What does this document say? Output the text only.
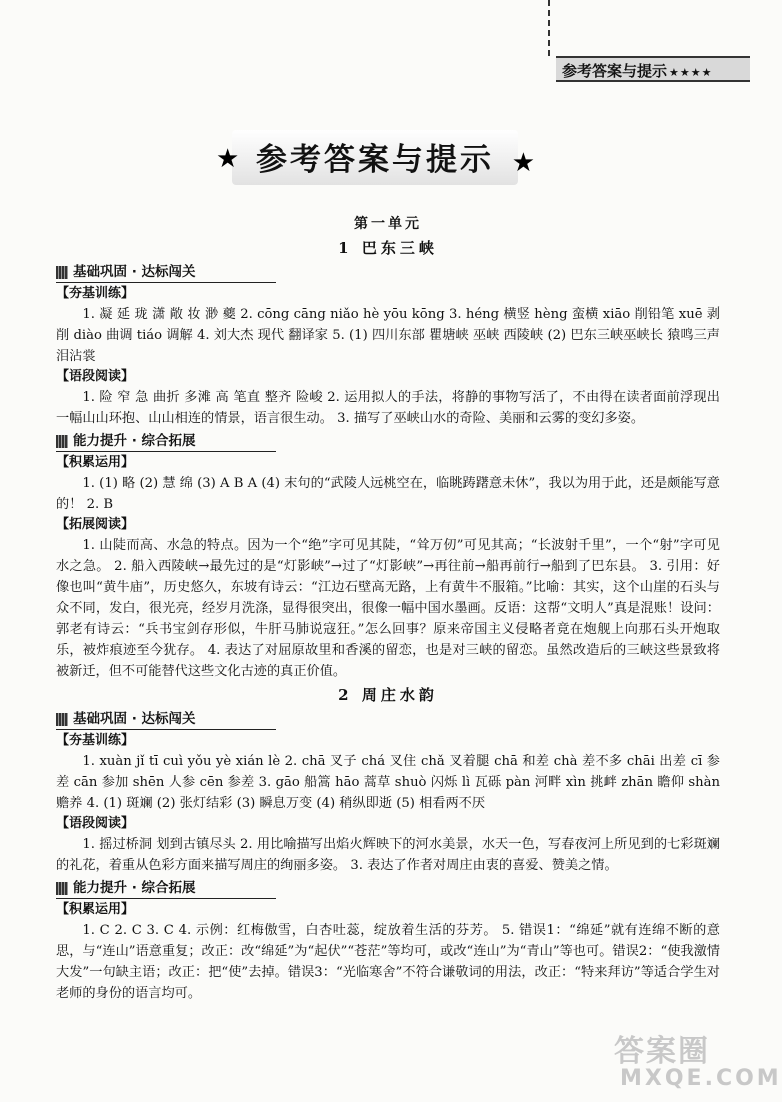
参考答案与提示 ★★★★
★ 参考答案与提示 ★
第一单元
1 巴东三峡
基础巩固 · 达标闯关
【夯基训练】
1. 凝 延 珑 潇 敞 妆 渺 夔 2. cōng cāng niǎo hè yōu kōng 3. héng 横竖 hèng 蛮横 xiāo 削铅笔 xuē 剥削 diào 曲调 tiáo 调解 4. 刘大杰 现代 翻译家 5. (1) 四川东部 瞿塘峡 巫峡 西陵峡 (2) 巴东三峡巫峡长 猿鸣三声泪沾裳
【语段阅读】
1. 险 窄 急 曲折 多滩 高 笔直 整齐 险峻 2. 运用拟人的手法，将静的事物写活了，不由得在读者面前浮现出一幅山山环抱、山山相连的情景，语言很生动。 3. 描写了巫峡山水的奇险、美丽和云雾的变幻多姿。
能力提升 · 综合拓展
【积累运用】
1. (1) 略 (2) 慧 绵 (3) A B A (4) 末句的“武陵人远桃空在，临眺踌躇意未休”，我以为用于此，还是颇能写意的！ 2. B
【拓展阅读】
1. 山陡而高、水急的特点。因为一个“绝”字可见其陡，“耸万仞”可见其高；“长波射千里”，一个“射”字可见水之急。 2. 船入西陵峡→最先过的是“灯影峡”→过了“灯影峡”→再往前→船再前行→船到了巴东县。 3. 引用：好像也叫“黄牛庙”，历史悠久，东坡有诗云：“江边石壁高无路，上有黄牛不服箱。”比喻：其实，这个山崖的石头与众不同，发白，很光亮，经岁月洗涤，显得很突出，很像一幅中国水墨画。反语：这帮“文明人”真是混账！设问：郭老有诗云：“兵书宝剑存形似，牛肝马肺说寇狂。”怎么回事？原来帝国主义侵略者竟在炮舰上向那石头开炮取乐，被炸痕迹至今犹存。 4. 表达了对屈原故里和香溪的留恋，也是对三峡的留恋。虽然改造后的三峡这些景致将被新迁，但不可能替代这些文化古迹的真正价值。
2 周庄水韵
基础巩固 · 达标闯关
【夯基训练】
1. xuàn jǐ tī cuì yǒu yè xián lè 2. chā 叉子 chá 叉住 chǎ 叉着腿 chā 和差 chà 差不多 chāi 出差 cī 参差 cān 参加 shēn 人参 cēn 参差 3. gāo 船篙 hāo 蒿草 shuò 闪烁 lì 瓦砾 pàn 河畔 xìn 挑衅 zhān 瞻仰 shàn 赡养 4. (1) 斑斓 (2) 张灯结彩 (3) 瞬息万变 (4) 稍纵即逝 (5) 相看两不厌
【语段阅读】
1. 摇过桥洞 划到古镇尽头 2. 用比喻描写出焰火辉映下的河水美景，水天一色，写春夜河上所见到的七彩斑斓的礼花，着重从色彩方面来描写周庄的绚丽多姿。 3. 表达了作者对周庄由衷的喜爱、赞美之情。
能力提升 · 综合拓展
【积累运用】
1. C 2. C 3. C 4. 示例：红梅傲雪，白杏吐蕊，绽放着生活的芬芳。 5. 错误1：“绵延”就有连绵不断的意思，与“连山”语意重复；改正：改“绵延”为“起伏”“苍茫”等均可，或改“连山”为“青山”等也可。错误2：“使我激情大发”一句缺主语；改正：把“使”去掉。错误3：“光临寒舍”不符合谦敬词的用法，改正：“特来拜访”等适合学生对老师的身份的语言均可。
答案圈
MXQE.COM
